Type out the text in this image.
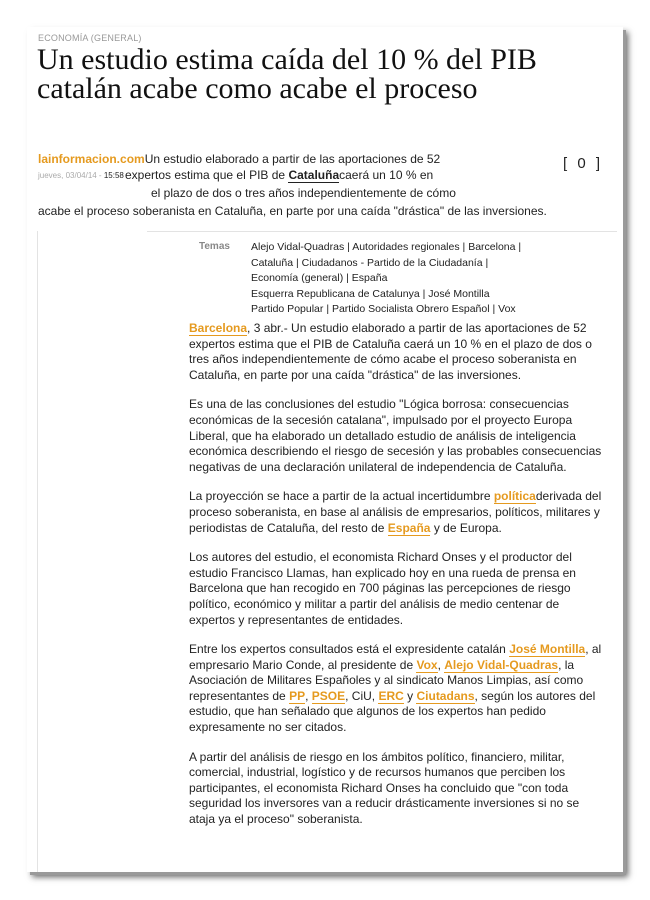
ECONOMÍA (GENERAL)
Un estudio estima caída del 10 % del PIB catalán acabe como acabe el proceso
lainformacion.comUn estudio elaborado a partir de las aportaciones de 52
jueves, 03/04/14 - 15:58 expertos estima que el PIB de Cataluñacaerá un 10 % en
el plazo de dos o tres años independientemente de cómo
acabe el proceso soberanista en Cataluña, en parte por una caída "drástica" de las inversiones.
[ 0 ]
Temas Alejo Vidal-Quadras | Autoridades regionales | Barcelona |
Cataluña | Ciudadanos - Partido de la Ciudadanía |
Economía (general) | España
Esquerra Republicana de Catalunya | José Montilla
Partido Popular | Partido Socialista Obrero Español | Vox

Barcelona, 3 abr.- Un estudio elaborado a partir de las aportaciones de 52 expertos estima que el PIB de Cataluña caerá un 10 % en el plazo de dos o tres años independientemente de cómo acabe el proceso soberanista en Cataluña, en parte por una caída "drástica" de las inversiones.

Es una de las conclusiones del estudio "Lógica borrosa: consecuencias económicas de la secesión catalana", impulsado por el proyecto Europa Liberal, que ha elaborado un detallado estudio de análisis de inteligencia económica describiendo el riesgo de secesión y las probables consecuencias negativas de una declaración unilateral de independencia de Cataluña.

La proyección se hace a partir de la actual incertidumbre políticaderivada del proceso soberanista, en base al análisis de empresarios, políticos, militares y periodistas de Cataluña, del resto de España y de Europa.

Los autores del estudio, el economista Richard Onses y el productor del estudio Francisco Llamas, han explicado hoy en una rueda de prensa en Barcelona que han recogido en 700 páginas las percepciones de riesgo político, económico y militar a partir del análisis de medio centenar de expertos y representantes de entidades.

Entre los expertos consultados está el expresidente catalán José Montilla, al empresario Mario Conde, al presidente de Vox, Alejo Vidal-Quadras, la Asociación de Militares Españoles y al sindicato Manos Limpias, así como representantes de PP, PSOE, CiU, ERC y Ciutadans, según los autores del estudio, que han señalado que algunos de los expertos han pedido expresamente no ser citados.

A partir del análisis de riesgo en los ámbitos político, financiero, militar, comercial, industrial, logístico y de recursos humanos que perciben los participantes, el economista Richard Onses ha concluido que "con toda seguridad los inversores van a reducir drásticamente inversiones si no se ataja ya el proceso" soberanista.
